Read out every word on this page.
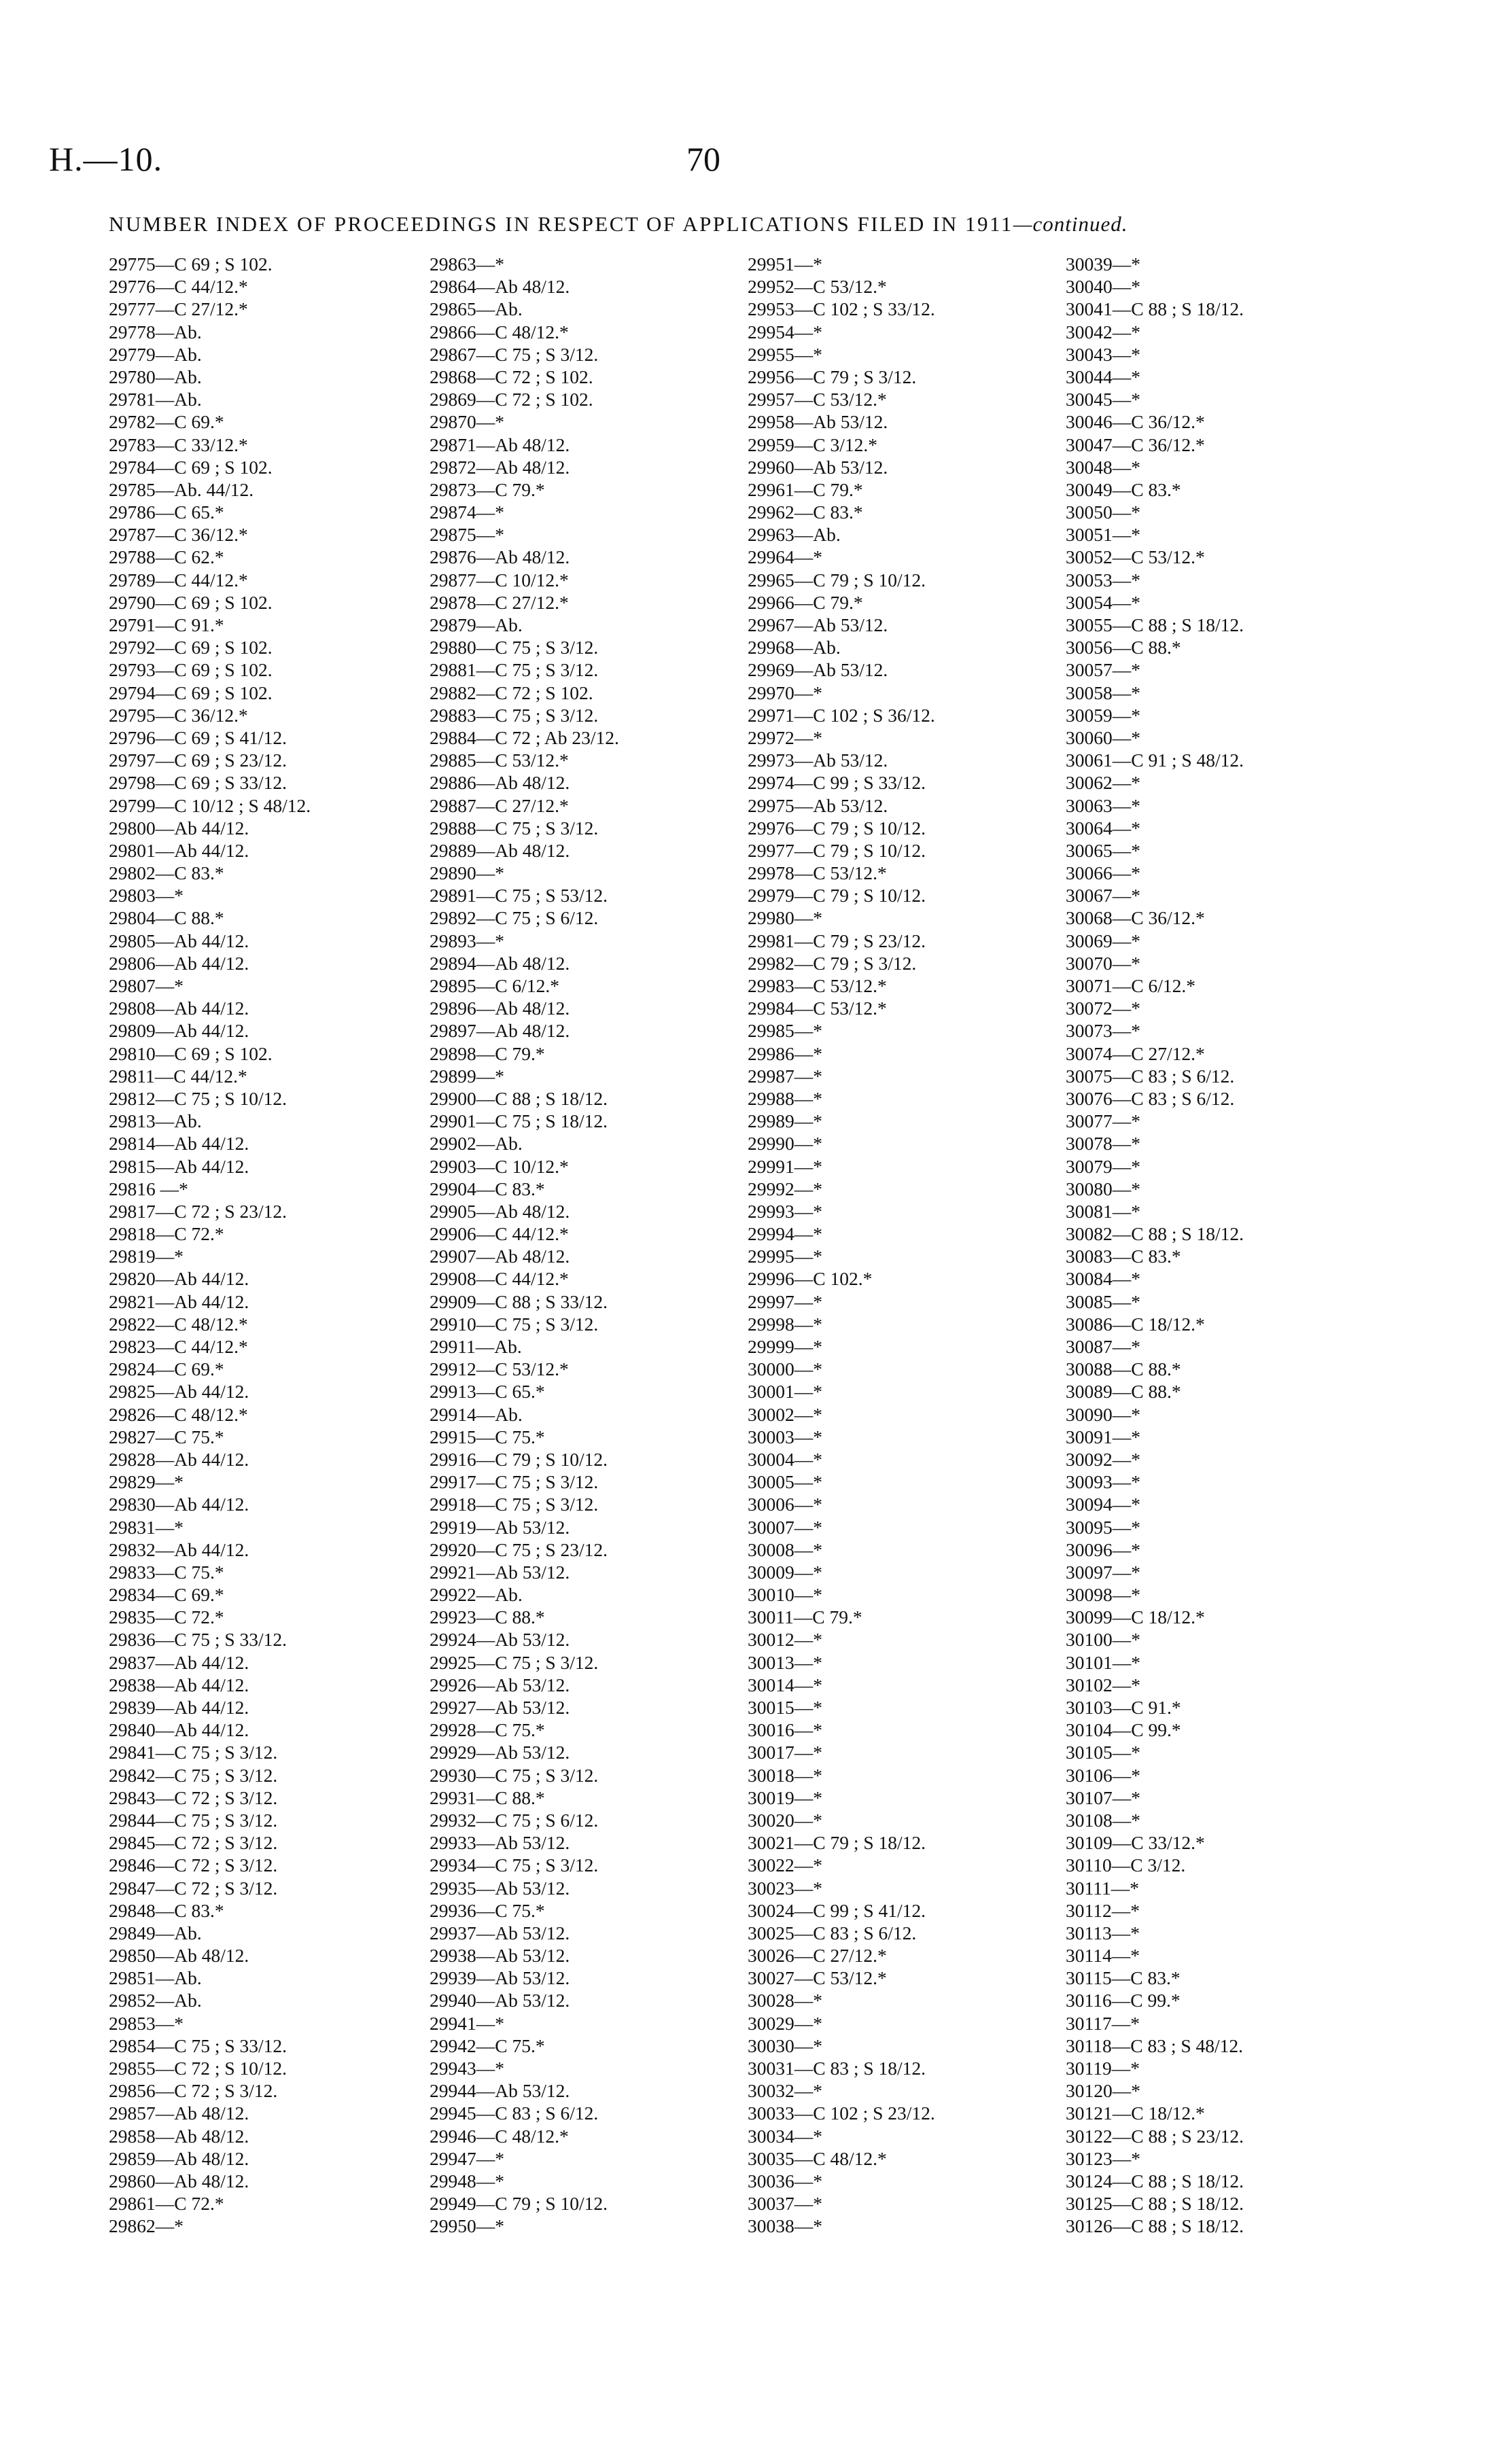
H.—10.	70
NUMBER INDEX OF PROCEEDINGS IN RESPECT OF APPLICATIONS FILED IN 1911—continued.
29775—C 69 ; S 102.
29776—C 44/12.*
29777—C 27/12.*
29778—Ab.
29779—Ab.
29780—Ab.
29781—Ab.
29782—C 69.*
29783—C 33/12.*
29784—C 69 ; S 102.
29785—Ab. 44/12.
29786—C 65.*
29787—C 36/12.*
29788—C 62.*
29789—C 44/12.*
29790—C 69 ; S 102.
29791—C 91.*
29792—C 69 ; S 102.
29793—C 69 ; S 102.
29794—C 69 ; S 102.
29795—C 36/12.*
29796—C 69 ; S 41/12.
29797—C 69 ; S 23/12.
29798—C 69 ; S 33/12.
29799—C 10/12 ; S 48/12.
29800—Ab 44/12.
29801—Ab 44/12.
29802—C 83.*
29803—*
29804—C 88.*
29805—Ab 44/12.
29806—Ab 44/12.
29807—*
29808—Ab 44/12.
29809—Ab 44/12.
29810—C 69 ; S 102.
29811—C 44/12.*
29812—C 75 ; S 10/12.
29813—Ab.
29814—Ab 44/12.
29815—Ab 44/12.
29816 —*
29817—C 72 ; S 23/12.
29818—C 72.*
29819—*
29820—Ab 44/12.
29821—Ab 44/12.
29822—C 48/12.*
29823—C 44/12.*
29824—C 69.*
29825—Ab 44/12.
29826—C 48/12.*
29827—C 75.*
29828—Ab 44/12.
29829—*
29830—Ab 44/12.
29831—*
29832—Ab 44/12.
29833—C 75.*
29834—C 69.*
29835—C 72.*
29836—C 75 ; S 33/12.
29837—Ab 44/12.
29838—Ab 44/12.
29839—Ab 44/12.
29840—Ab 44/12.
29841—C 75 ; S 3/12.
29842—C 75 ; S 3/12.
29843—C 72 ; S 3/12.
29844—C 75 ; S 3/12.
29845—C 72 ; S 3/12.
29846—C 72 ; S 3/12.
29847—C 72 ; S 3/12.
29848—C 83.*
29849—Ab.
29850—Ab 48/12.
29851—Ab.
29852—Ab.
29853—*
29854—C 75 ; S 33/12.
29855—C 72 ; S 10/12.
29856—C 72 ; S 3/12.
29857—Ab 48/12.
29858—Ab 48/12.
29859—Ab 48/12.
29860—Ab 48/12.
29861—C 72.*
29862—*
29863—*
29864—Ab 48/12.
29865—Ab.
29866—C 48/12.*
29867—C 75 ; S 3/12.
29868—C 72 ; S 102.
29869—C 72 ; S 102.
29870—*
29871—Ab 48/12.
29872—Ab 48/12.
29873—C 79.*
29874—*
29875—*
29876—Ab 48/12.
29877—C 10/12.*
29878—C 27/12.*
29879—Ab.
29880—C 75 ; S 3/12.
29881—C 75 ; S 3/12.
29882—C 72 ; S 102.
29883—C 75 ; S 3/12.
29884—C 72 ; Ab 23/12.
29885—C 53/12.*
29886—Ab 48/12.
29887—C 27/12.*
29888—C 75 ; S 3/12.
29889—Ab 48/12.
29890—*
29891—C 75 ; S 53/12.
29892—C 75 ; S 6/12.
29893—*
29894—Ab 48/12.
29895—C 6/12.*
29896—Ab 48/12.
29897—Ab 48/12.
29898—C 79.*
29899—*
29900—C 88 ; S 18/12.
29901—C 75 ; S 18/12.
29902—Ab.
29903—C 10/12.*
29904—C 83.*
29905—Ab 48/12.
29906—C 44/12.*
29907—Ab 48/12.
29908—C 44/12.*
29909—C 88 ; S 33/12.
29910—C 75 ; S 3/12.
29911—Ab.
29912—C 53/12.*
29913—C 65.*
29914—Ab.
29915—C 75.*
29916—C 79 ; S 10/12.
29917—C 75 ; S 3/12.
29918—C 75 ; S 3/12.
29919—Ab 53/12.
29920—C 75 ; S 23/12.
29921—Ab 53/12.
29922—Ab.
29923—C 88.*
29924—Ab 53/12.
29925—C 75 ; S 3/12.
29926—Ab 53/12.
29927—Ab 53/12.
29928—C 75.*
29929—Ab 53/12.
29930—C 75 ; S 3/12.
29931—C 88.*
29932—C 75 ; S 6/12.
29933—Ab 53/12.
29934—C 75 ; S 3/12.
29935—Ab 53/12.
29936—C 75.*
29937—Ab 53/12.
29938—Ab 53/12.
29939—Ab 53/12.
29940—Ab 53/12.
29941—*
29942—C 75.*
29943—*
29944—Ab 53/12.
29945—C 83 ; S 6/12.
29946—C 48/12.*
29947—*
29948—*
29949—C 79 ; S 10/12.
29950—*
29951—*
29952—C 53/12.*
29953—C 102 ; S 33/12.
29954—*
29955—*
29956—C 79 ; S 3/12.
29957—C 53/12.*
29958—Ab 53/12.
29959—C 3/12.*
29960—Ab 53/12.
29961—C 79.*
29962—C 83.*
29963—Ab.
29964—*
29965—C 79 ; S 10/12.
29966—C 79.*
29967—Ab 53/12.
29968—Ab.
29969—Ab 53/12.
29970—*
29971—C 102 ; S 36/12.
29972—*
29973—Ab 53/12.
29974—C 99 ; S 33/12.
29975—Ab 53/12.
29976—C 79 ; S 10/12.
29977—C 79 ; S 10/12.
29978—C 53/12.*
29979—C 79 ; S 10/12.
29980—*
29981—C 79 ; S 23/12.
29982—C 79 ; S 3/12.
29983—C 53/12.*
29984—C 53/12.*
29985—*
29986—*
29987—*
29988—*
29989—*
29990—*
29991—*
29992—*
29993—*
29994—*
29995—*
29996—C 102.*
29997—*
29998—*
29999—*
30000—*
30001—*
30002—*
30003—*
30004—*
30005—*
30006—*
30007—*
30008—*
30009—*
30010—*
30011—C 79.*
30012—*
30013—*
30014—*
30015—*
30016—*
30017—*
30018—*
30019—*
30020—*
30021—C 79 ; S 18/12.
30022—*
30023—*
30024—C 99 ; S 41/12.
30025—C 83 ; S 6/12.
30026—C 27/12.*
30027—C 53/12.*
30028—*
30029—*
30030—*
30031—C 83 ; S 18/12.
30032—*
30033—C 102 ; S 23/12.
30034—*
30035—C 48/12.*
30036—*
30037—*
30038—*
30039—*
30040—*
30041—C 88 ; S 18/12.
30042—*
30043—*
30044—*
30045—*
30046—C 36/12.*
30047—C 36/12.*
30048—*
30049—C 83.*
30050—*
30051—*
30052—C 53/12.*
30053—*
30054—*
30055—C 88 ; S 18/12.
30056—C 88.*
30057—*
30058—*
30059—*
30060—*
30061—C 91 ; S 48/12.
30062—*
30063—*
30064—*
30065—*
30066—*
30067—*
30068—C 36/12.*
30069—*
30070—*
30071—C 6/12.*
30072—*
30073—*
30074—C 27/12.*
30075—C 83 ; S 6/12.
30076—C 83 ; S 6/12.
30077—*
30078—*
30079—*
30080—*
30081—*
30082—C 88 ; S 18/12.
30083—C 83.*
30084—*
30085—*
30086—C 18/12.*
30087—*
30088—C 88.*
30089—C 88.*
30090—*
30091—*
30092—*
30093—*
30094—*
30095—*
30096—*
30097—*
30098—*
30099—C 18/12.*
30100—*
30101—*
30102—*
30103—C 91.*
30104—C 99.*
30105—*
30106—*
30107—*
30108—*
30109—C 33/12.*
30110—C 3/12.
30111—*
30112—*
30113—*
30114—*
30115—C 83.*
30116—C 99.*
30117—*
30118—C 83 ; S 48/12.
30119—*
30120—*
30121—C 18/12.*
30122—C 88 ; S 23/12.
30123—*
30124—C 88 ; S 18/12.
30125—C 88 ; S 18/12.
30126—C 88 ; S 18/12.
